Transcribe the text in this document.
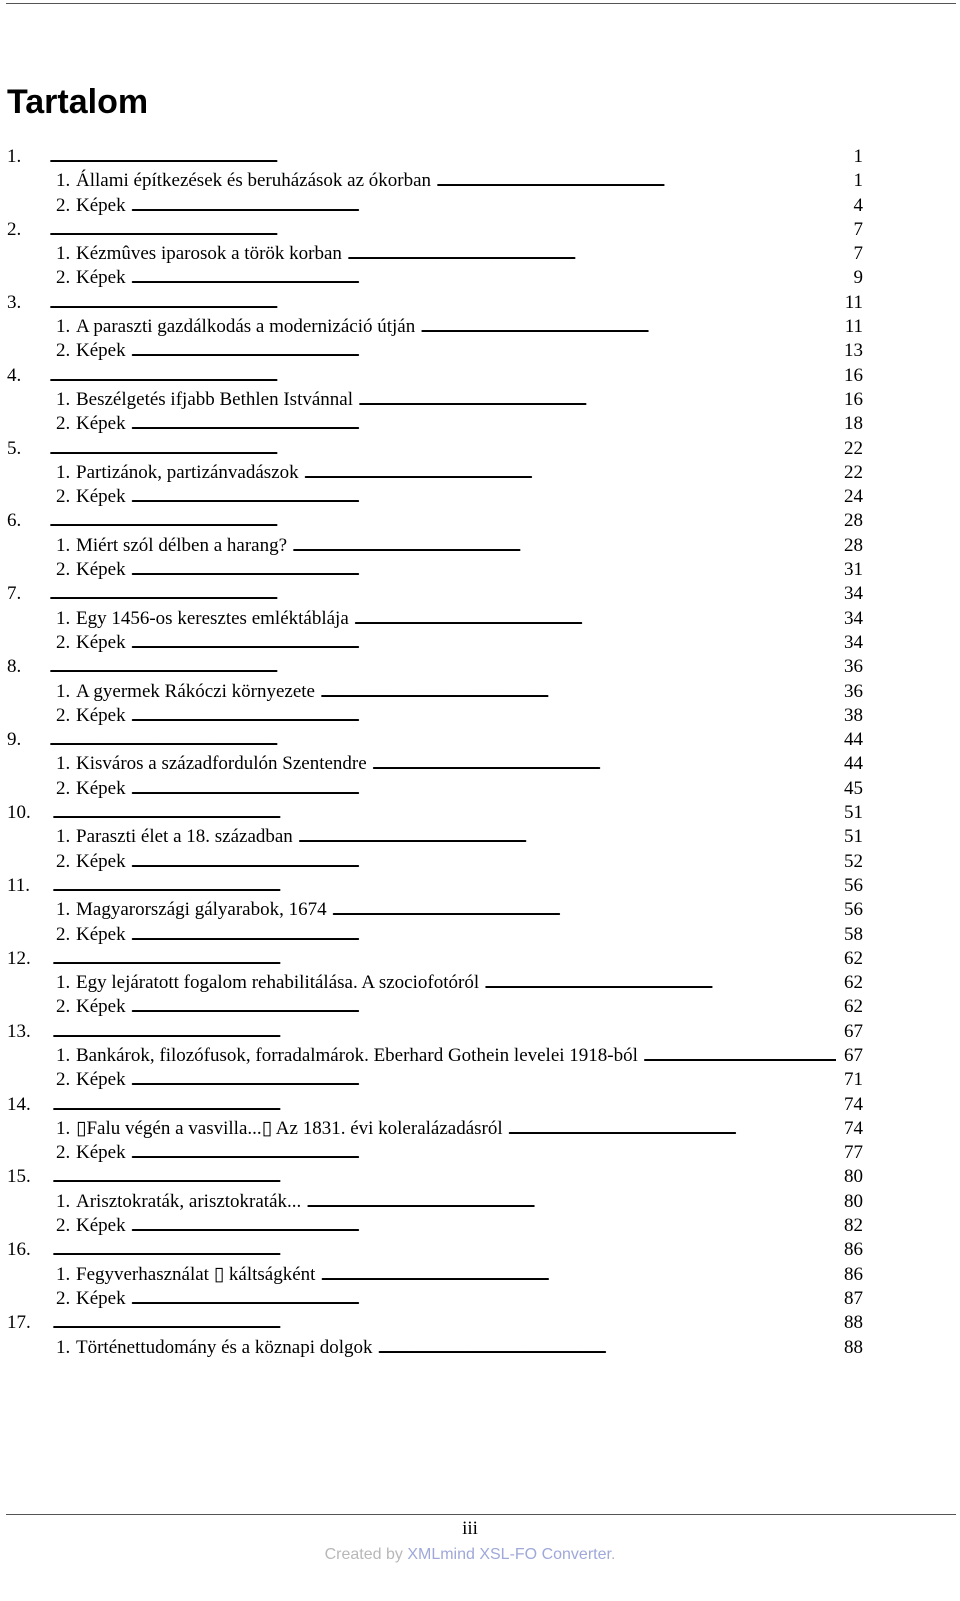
Tartalom
1. . . .	1
1. Állami építkezések és beruházások az ókorban . . .	1
2. Képek . . .	4
2. . . .	7
1. Kézmûves iparosok a török korban . . .	7
2. Képek . . .	9
3. . . .	11
1. A paraszti gazdálkodás a modernizáció útján . . .	11
2. Képek . . .	13
4. . . .	16
1. Beszélgetés ifjabb Bethlen Istvánnal . . .	16
2. Képek . . .	18
5. . . .	22
1. Partizánok, partizánvadászok . . .	22
2. Képek . . .	24
6. . . .	28
1. Miért szól délben a harang? . . .	28
2. Képek . . .	31
7. . . .	34
1. Egy 1456-os keresztes emléktáblája . . .	34
2. Képek . . .	34
8. . . .	36
1. A gyermek Rákóczi környezete . . .	36
2. Képek . . .	38
9. . . .	44
1. Kisváros a századfordulón Szentendre . . .	44
2. Képek . . .	45
10. . . .	51
1. Paraszti élet a 18. században . . .	51
2. Képek . . .	52
11. . . .	56
1. Magyarországi gályarabok, 1674 . . .	56
2. Képek . . .	58
12. . . .	62
1. Egy lejáratott fogalom rehabilitálása. A szociofotóról . . .	62
2. Képek . . .	62
13. . . .	67
1. Bankárok, filozófusok, forradalmárok. Eberhard Gothein levelei 1918-ból . . .	67
2. Képek . . .	71
14. . . .	74
1. ▯Falu végén a vasvilla...▯ Az 1831. évi koleralázadásról . . .	74
2. Képek . . .	77
15. . . .	80
1. Arisztokraták, arisztokraták... . . .	80
2. Képek . . .	82
16. . . .	86
1. Fegyverhasználat ▯ káltságként . . .	86
2. Képek . . .	87
17. . . .	88
1. Történettudomány és a köznapi dolgok . . .	88
iii
Created by XMLmind XSL-FO Converter.
